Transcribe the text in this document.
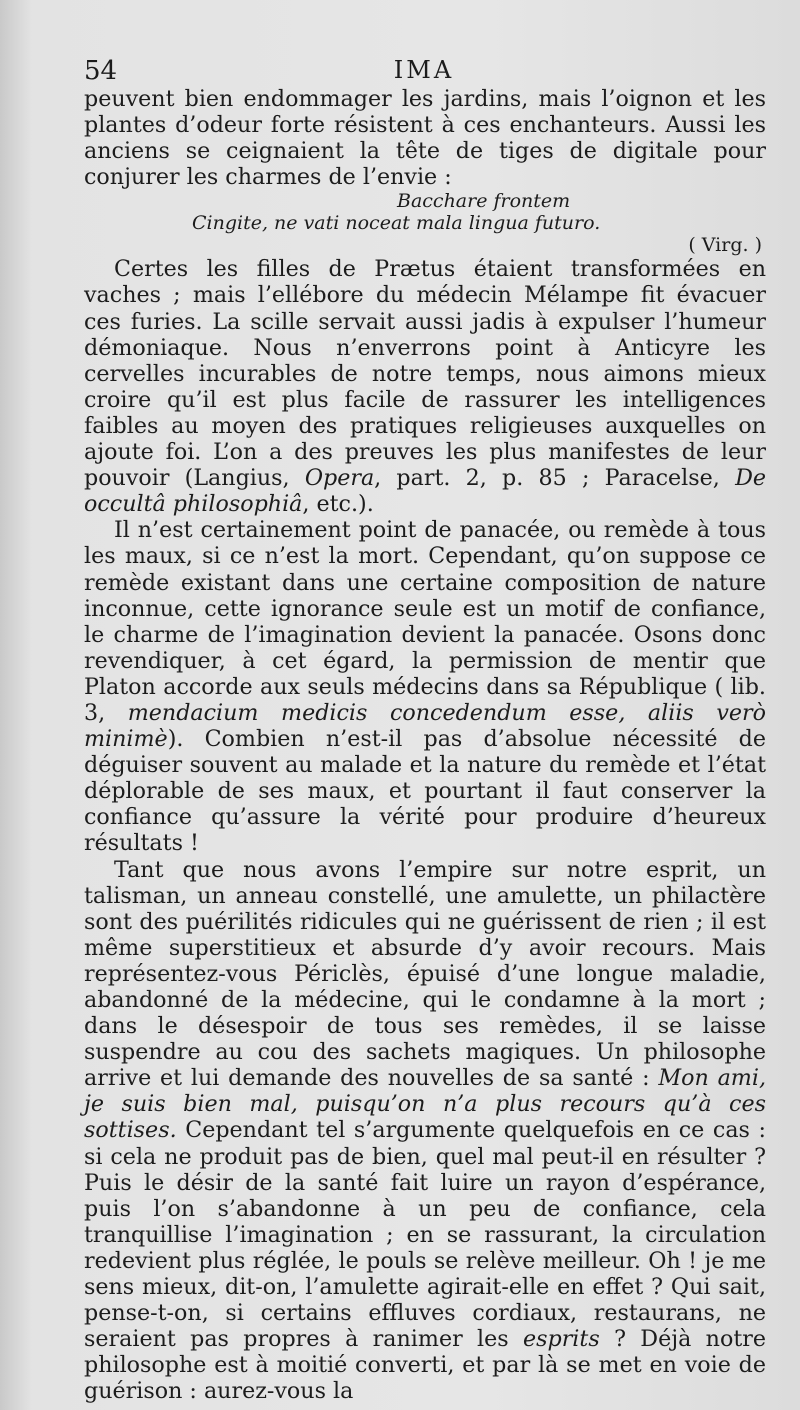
54	IMA

peuvent bien endommager les jardins, mais l’oignon et les plantes d’odeur forte résistent à ces enchanteurs. Aussi les anciens se ceignaient la tête de tiges de digitale pour conjurer les charmes de l’envie :

Baccharе frontem
Cingite, ne vati noceat mala lingua futuro.
( Virg. )

Certes les filles de Prætus étaient transformées en vaches ; mais l’ellébore du médecin Mélampe fit évacuer ces furies. La scille servait aussi jadis à expulser l’humeur démoniaque. Nous n’enverrons point à Anticyre les cervelles incurables de notre temps, nous aimons mieux croire qu’il est plus facile de rassurer les intelligences faibles au moyen des pratiques religieuses auxquelles on ajoute foi. L’on a des preuves les plus manifestes de leur pouvoir (Langius, Opera, part. 2, p. 85 ; Paracelse, De occultâ philosophiâ, etc.).

Il n’est certainement point de panacée, ou remède à tous les maux, si ce n’est la mort. Cependant, qu’on suppose ce remède existant dans une certaine composition de nature inconnue, cette ignorance seule est un motif de confiance, le charme de l’imagination devient la panacée. Osons donc revendiquer, à cet égard, la permission de mentir que Platon accorde aux seuls médecins dans sa République ( lib. 3, mendacium medicis concedendum esse, aliis verò minimè). Combien n’est-il pas d’absolue nécessité de déguiser souvent au malade et la nature du remède et l’état déplorable de ses maux, et pourtant il faut conserver la confiance qu’assure la vérité pour produire d’heureux résultats !

Tant que nous avons l’empire sur notre esprit, un talisman, un anneau constellé, une amulette, un philactère sont des puérilités ridicules qui ne guérissent de rien ; il est même superstitieux et absurde d’y avoir recours. Mais représentez-vous Périclès, épuisé d’une longue maladie, abandonné de la médecine, qui le condamne à la mort ; dans le désespoir de tous ses remèdes, il se laisse suspendre au cou des sachets magiques. Un philosophe arrive et lui demande des nouvelles de sa santé : Mon ami, je suis bien mal, puisqu’on n’a plus recours qu’à ces sottises. Cependant tel s’argumente quelquefois en ce cas : si cela ne produit pas de bien, quel mal peut-il en résulter ? Puis le désir de la santé fait luire un rayon d’espérance, puis l’on s’abandonne à un peu de confiance, cela tranquillise l’imagination ; en se rassurant, la circulation redevient plus réglée, le pouls se relève meilleur. Oh ! je me sens mieux, dit-on, l’amulette agirait-elle en effet ? Qui sait, pense-t-on, si certains effluves cordiaux, restaurans, ne seraient pas propres à ranimer les esprits ? Déjà notre philosophe est à moitié converti, et par là se met en voie de guérison : aurez-vous la
